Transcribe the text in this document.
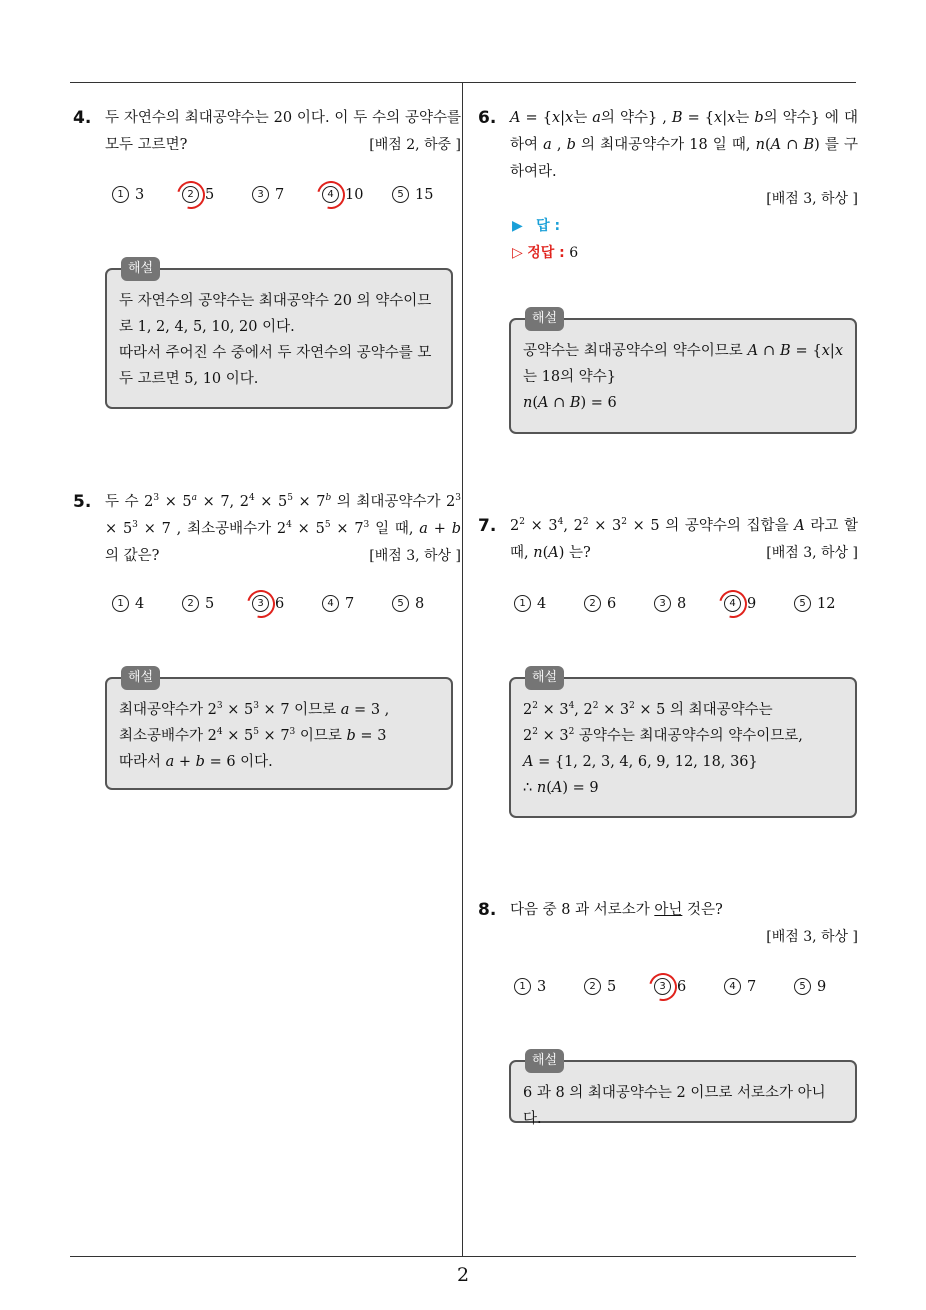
2
4. 두 자연수의 최대공약수는 20 이다. 이 두 수의 공약수를 모두 고르면?	[배점 2, 하중 ]
1 3	2 5	3 7	4 10	5 15
해설
두 자연수의 공약수는 최대공약수 20 의 약수이므로 1, 2, 4, 5, 10, 20 이다.
따라서 주어진 수 중에서 두 자연수의 공약수를 모두 고르면 5, 10 이다.
5. 두 수 $2^3 \times 5^a \times 7$, $2^4 \times 5^5 \times 7^b$ 의 최대공약수가 $2^3 \times 5^3 \times 7$ , 최소공배수가 $2^4 \times 5^5 \times 7^3$ 일 때, a + b 의 값은?	[배점 3, 하상 ]
1 4	2 5	3 6	4 7	5 8
해설
최대공약수가 $2^3 \times 5^3 \times 7$ 이므로 a = 3 ,
최소공배수가 $2^4 \times 5^5 \times 7^3$ 이므로 b = 3
따라서 a + b = 6 이다.
6. A = {x|x는 a의 약수} , B = {x|x는 b의 약수} 에 대하여 a , b 의 최대공약수가 18 일 때, n(A ∩ B) 를 구하여라.
[배점 3, 하상 ]
▶ 답 :
▷ 정답 : 6
해설
공약수는 최대공약수의 약수이므로 A ∩ B = {x|x는 18의 약수}
n(A ∩ B) = 6
7. $2^2 \times 3^4$, $2^2 \times 3^2 \times 5$ 의 공약수의 집합을 A 라고 할 때, n(A) 는?	[배점 3, 하상 ]
1 4	2 6	3 8	4 9	5 12
해설
$2^2 \times 3^4$, $2^2 \times 3^2 \times 5$ 의 최대공약수는
$2^2 \times 3^2$ 공약수는 최대공약수의 약수이므로,
A = {1, 2, 3, 4, 6, 9, 12, 18, 36}
∴ n(A) = 9
8. 다음 중 8 과 서로소가 아닌 것은?
[배점 3, 하상 ]
1 3	2 5	3 6	4 7	5 9
해설
6 과 8 의 최대공약수는 2 이므로 서로소가 아니다.
